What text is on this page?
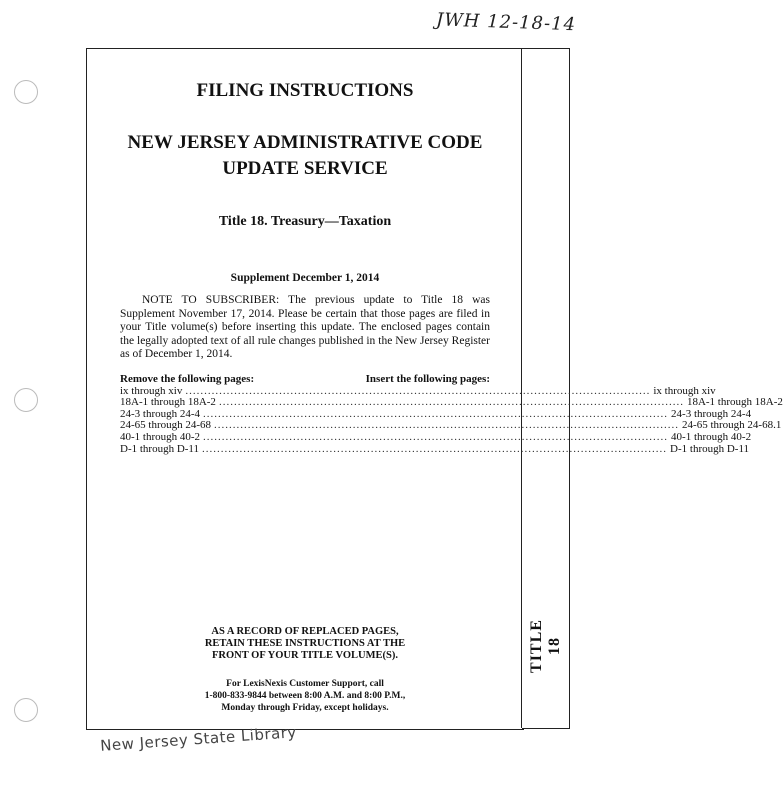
JWH 12-18-14
TITLE 18

FILING INSTRUCTIONS

NEW JERSEY ADMINISTRATIVE CODE
UPDATE SERVICE

Title 18. Treasury—Taxation

Supplement December 1, 2014

NOTE TO SUBSCRIBER: The previous update to Title 18 was Supplement November 17, 2014. Please be certain that those pages are filed in your Title volume(s) before inserting this update. The enclosed pages contain the legally adopted text of all rule changes published in the New Jersey Register as of December 1, 2014.

Remove the following pages:	Insert the following pages:
ix through xiv ............................................................................................................................ ix through xiv
18A-1 through 18A-2 ............................................................................................................................ 18A-1 through 18A-2
24-3 through 24-4 ............................................................................................................................ 24-3 through 24-4
24-65 through 24-68 ............................................................................................................................ 24-65 through 24-68.1
40-1 through 40-2 ............................................................................................................................ 40-1 through 40-2
D-1 through D-11 ............................................................................................................................ D-1 through D-11

AS A RECORD OF REPLACED PAGES,
RETAIN THESE INSTRUCTIONS AT THE
FRONT OF YOUR TITLE VOLUME(S).

For LexisNexis Customer Support, call
1-800-833-9844 between 8:00 A.M. and 8:00 P.M.,
Monday through Friday, except holidays.

New Jersey State Library
